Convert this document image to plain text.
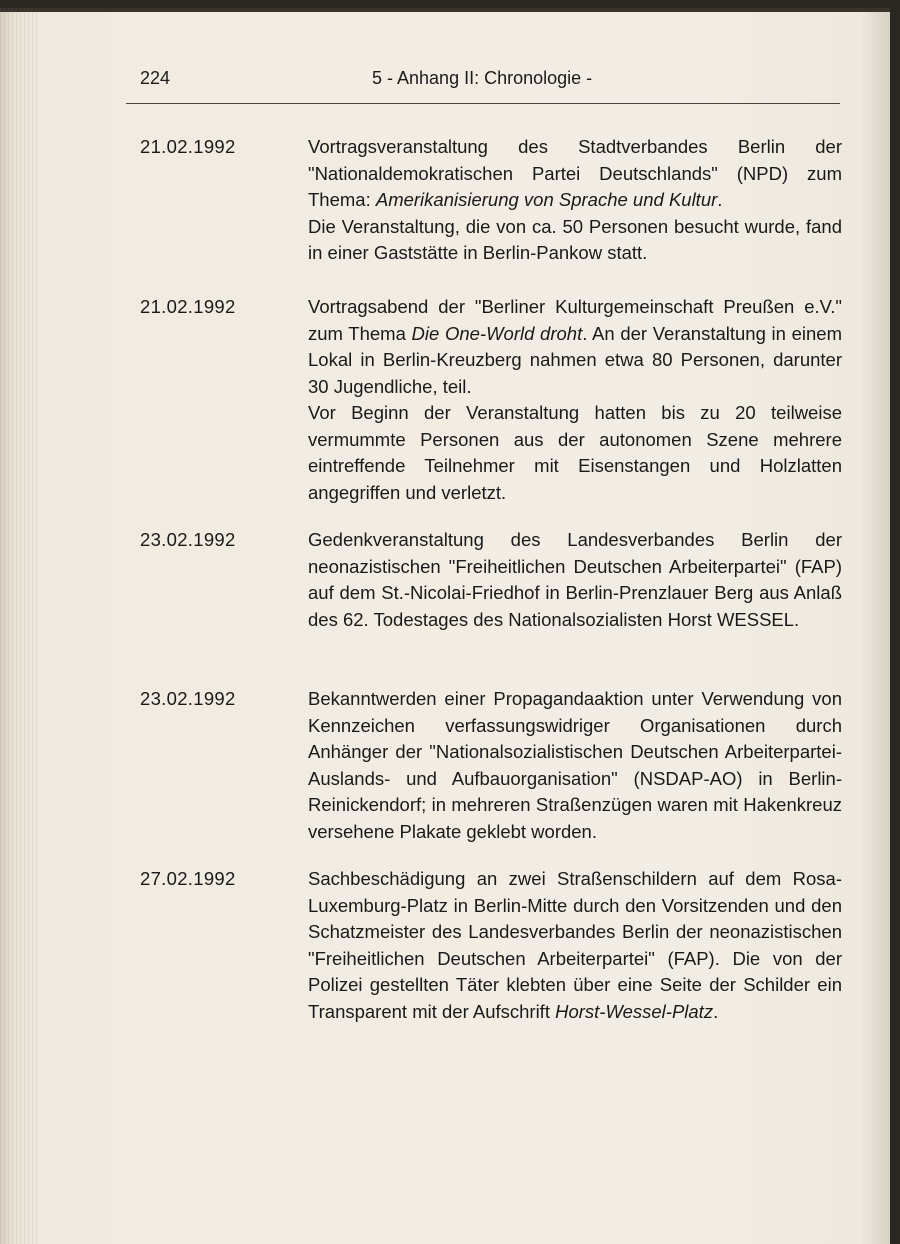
224	5 - Anhang II: Chronologie -
21.02.1992	Vortragsveranstaltung des Stadtverbandes Berlin der "Nationaldemokratischen Partei Deutschlands" (NPD) zum Thema: Amerikanisierung von Sprache und Kultur.
Die Veranstaltung, die von ca. 50 Personen besucht wurde, fand in einer Gaststätte in Berlin-Pankow statt.
21.02.1992	Vortragsabend der "Berliner Kulturgemeinschaft Preußen e.V." zum Thema Die One-World droht. An der Veranstaltung in einem Lokal in Berlin-Kreuzberg nahmen etwa 80 Personen, darunter 30 Jugendliche, teil.
Vor Beginn der Veranstaltung hatten bis zu 20 teilweise vermummte Personen aus der autonomen Szene mehrere eintreffende Teilnehmer mit Eisenstangen und Holzlatten angegriffen und verletzt.
23.02.1992	Gedenkveranstaltung des Landesverbandes Berlin der neonazistischen "Freiheitlichen Deutschen Arbeiterpartei" (FAP) auf dem St.-Nicolai-Friedhof in Berlin-Prenzlauer Berg aus Anlaß des 62. Todestages des Nationalsozialisten Horst WESSEL.
23.02.1992	Bekanntwerden einer Propagandaaktion unter Verwendung von Kennzeichen verfassungswidriger Organisationen durch Anhänger der "Nationalsozialistischen Deutschen Arbeiterpartei-Auslands- und Aufbauorganisation" (NSDAP-AO) in Berlin-Reinickendorf; in mehreren Straßenzügen waren mit Hakenkreuz versehene Plakate geklebt worden.
27.02.1992	Sachbeschädigung an zwei Straßenschildern auf dem Rosa-Luxemburg-Platz in Berlin-Mitte durch den Vorsitzenden und den Schatzmeister des Landesverbandes Berlin der neonazistischen "Freiheitlichen Deutschen Arbeiterpartei" (FAP). Die von der Polizei gestellten Täter klebten über eine Seite der Schilder ein Transparent mit der Aufschrift Horst-Wessel-Platz.
